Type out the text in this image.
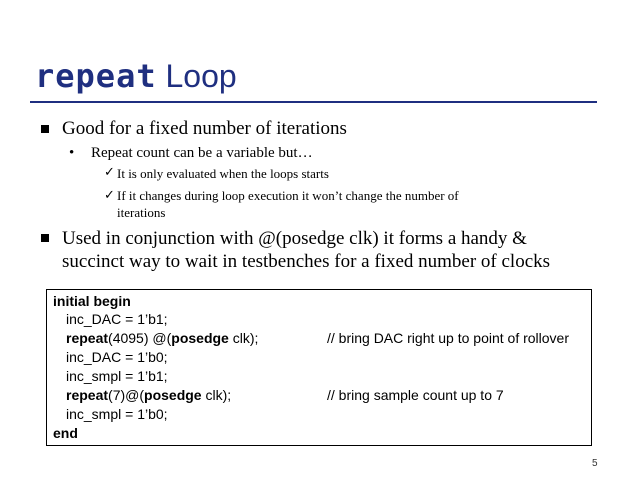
repeat Loop
Good for a fixed number of iterations
• Repeat count can be a variable but…
✓ It is only evaluated when the loops starts
✓ If it changes during loop execution it won’t change the number of
iterations
Used in conjunction with @(posedge clk) it forms a handy &
succinct way to wait in testbenches for a fixed number of clocks
initial begin
inc_DAC = 1’b1;
repeat(4095) @(posedge clk);	// bring DAC right up to point of rollover
inc_DAC = 1’b0;
inc_smpl = 1’b1;
repeat(7)@(posedge clk);	// bring sample count up to 7
inc_smpl = 1’b0;
end
5
